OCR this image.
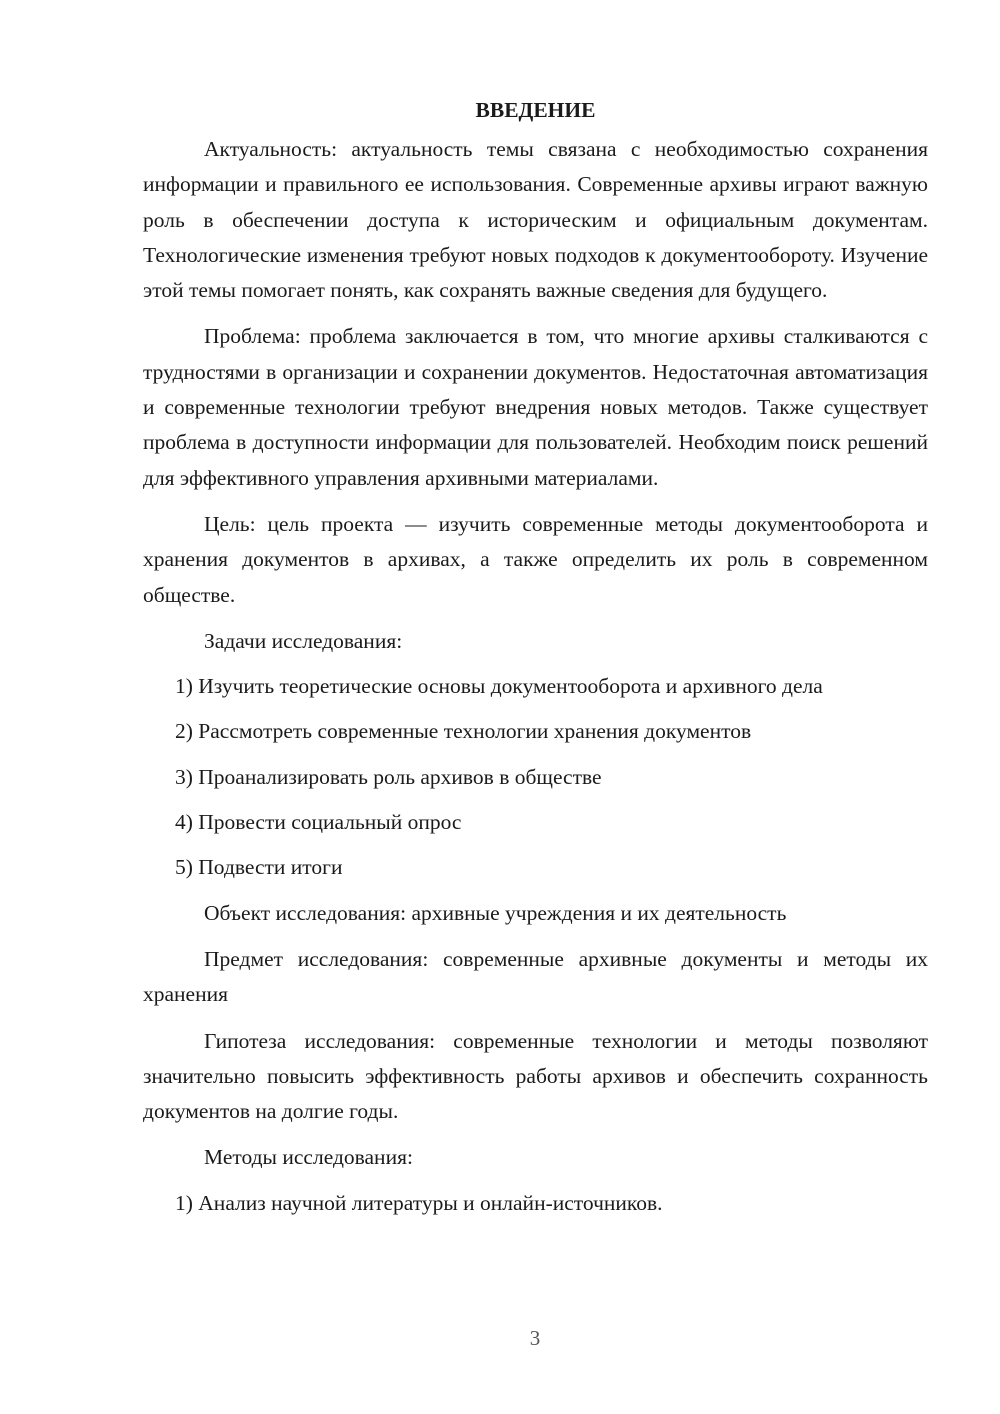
ВВЕДЕНИЕ

Актуальность: актуальность темы связана с необходимостью сохранения информации и правильного ее использования. Современные архивы играют важную роль в обеспечении доступа к историческим и официальным документам. Технологические изменения требуют новых подходов к документообороту. Изучение этой темы помогает понять, как сохранять важные сведения для будущего.

Проблема: проблема заключается в том, что многие архивы сталкиваются с трудностями в организации и сохранении документов. Недостаточная автоматизация и современные технологии требуют внедрения новых методов. Также существует проблема в доступности информации для пользователей. Необходим поиск решений для эффективного управления архивными материалами.

Цель: цель проекта — изучить современные методы документооборота и хранения документов в архивах, а также определить их роль в современном обществе.

Задачи исследования:
1) Изучить теоретические основы документооборота и архивного дела
2) Рассмотреть современные технологии хранения документов
3) Проанализировать роль архивов в обществе
4) Провести социальный опрос
5) Подвести итоги

Объект исследования: архивные учреждения и их деятельность

Предмет исследования: современные архивные документы и методы их хранения

Гипотеза исследования: современные технологии и методы позволяют значительно повысить эффективность работы архивов и обеспечить сохранность документов на долгие годы.

Методы исследования:
1) Анализ научной литературы и онлайн-источников.
3
